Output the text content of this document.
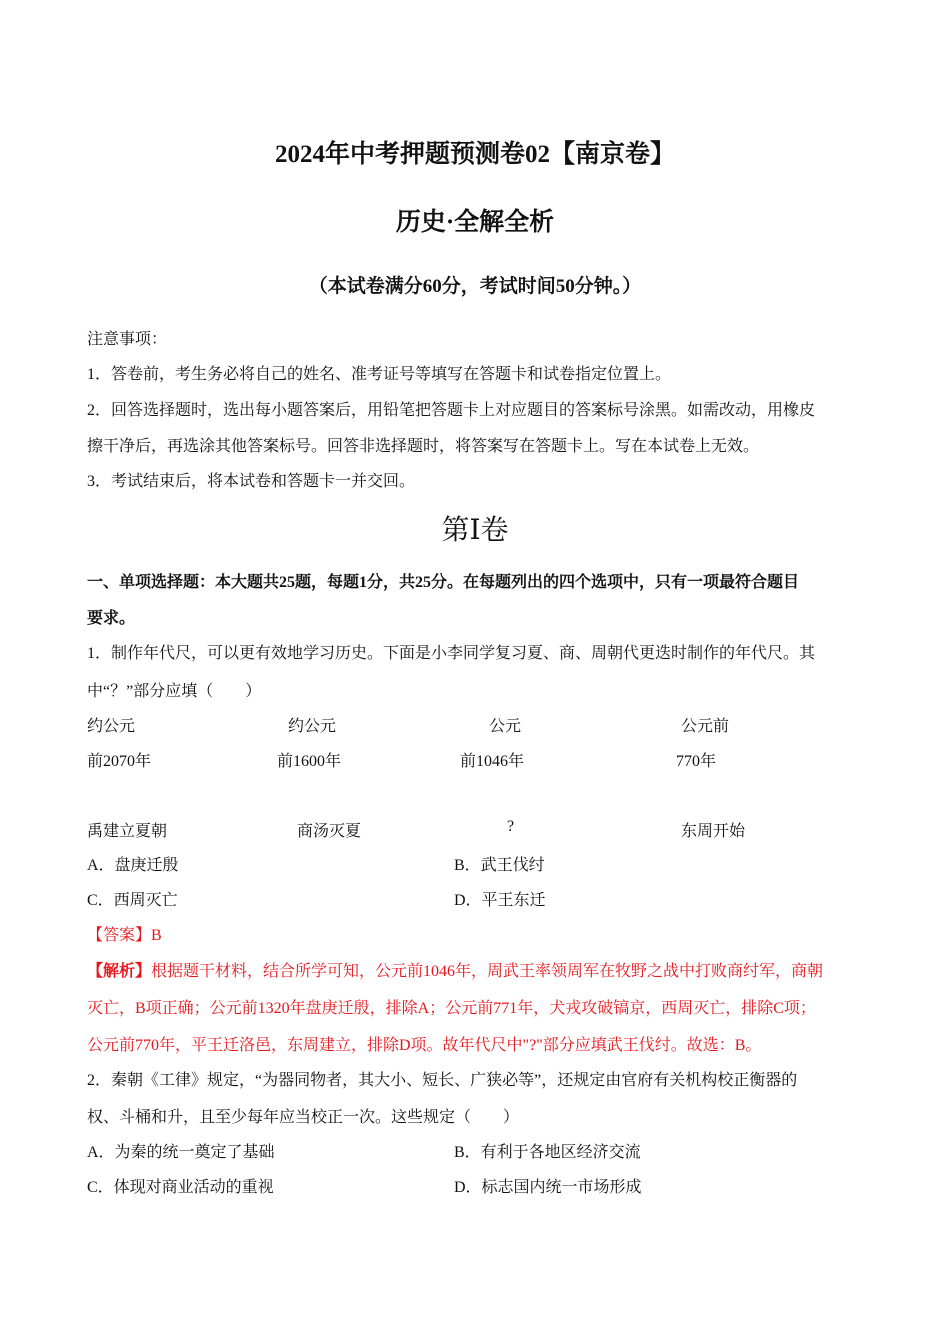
2024年中考押题预测卷02【南京卷】
历史·全解全析
（本试卷满分60分，考试时间50分钟。）
注意事项：
1．答卷前，考生务必将自己的姓名、准考证号等填写在答题卡和试卷指定位置上。
2．回答选择题时，选出每小题答案后，用铅笔把答题卡上对应题目的答案标号涂黑。如需改动，用橡皮
擦干净后，再选涂其他答案标号。回答非选择题时，将答案写在答题卡上。写在本试卷上无效。
3．考试结束后，将本试卷和答题卡一并交回。
第Ⅰ卷
一、单项选择题：本大题共25题，每题1分，共25分。在每题列出的四个选项中，只有一项最符合题目
要求。
1．制作年代尺，可以更有效地学习历史。下面是小李同学复习夏、商、周朝代更迭时制作的年代尺。其
中“？”部分应填（　　）
约公元	约公元	公元	公元前
前2070年	前1600年	前1046年	770年
禹建立夏朝	商汤灭夏	?	东周开始
A．盘庚迁殷	B．武王伐纣
C．西周灭亡	D．平王东迁
【答案】B
【解析】根据题干材料，结合所学可知，公元前1046年，周武王率领周军在牧野之战中打败商纣军，商朝
灭亡，B项正确；公元前1320年盘庚迁殷，排除A；公元前771年，犬戎攻破镐京，西周灭亡，排除C项；
公元前770年，平王迁洛邑，东周建立，排除D项。故年代尺中"?"部分应填武王伐纣。故选：B。
2．秦朝《工律》规定，“为器同物者，其大小、短长、广狭必等”，还规定由官府有关机构校正衡器的
权、斗桶和升，且至少每年应当校正一次。这些规定（　　）
A．为秦的统一奠定了基础	B．有利于各地区经济交流
C．体现对商业活动的重视	D．标志国内统一市场形成
